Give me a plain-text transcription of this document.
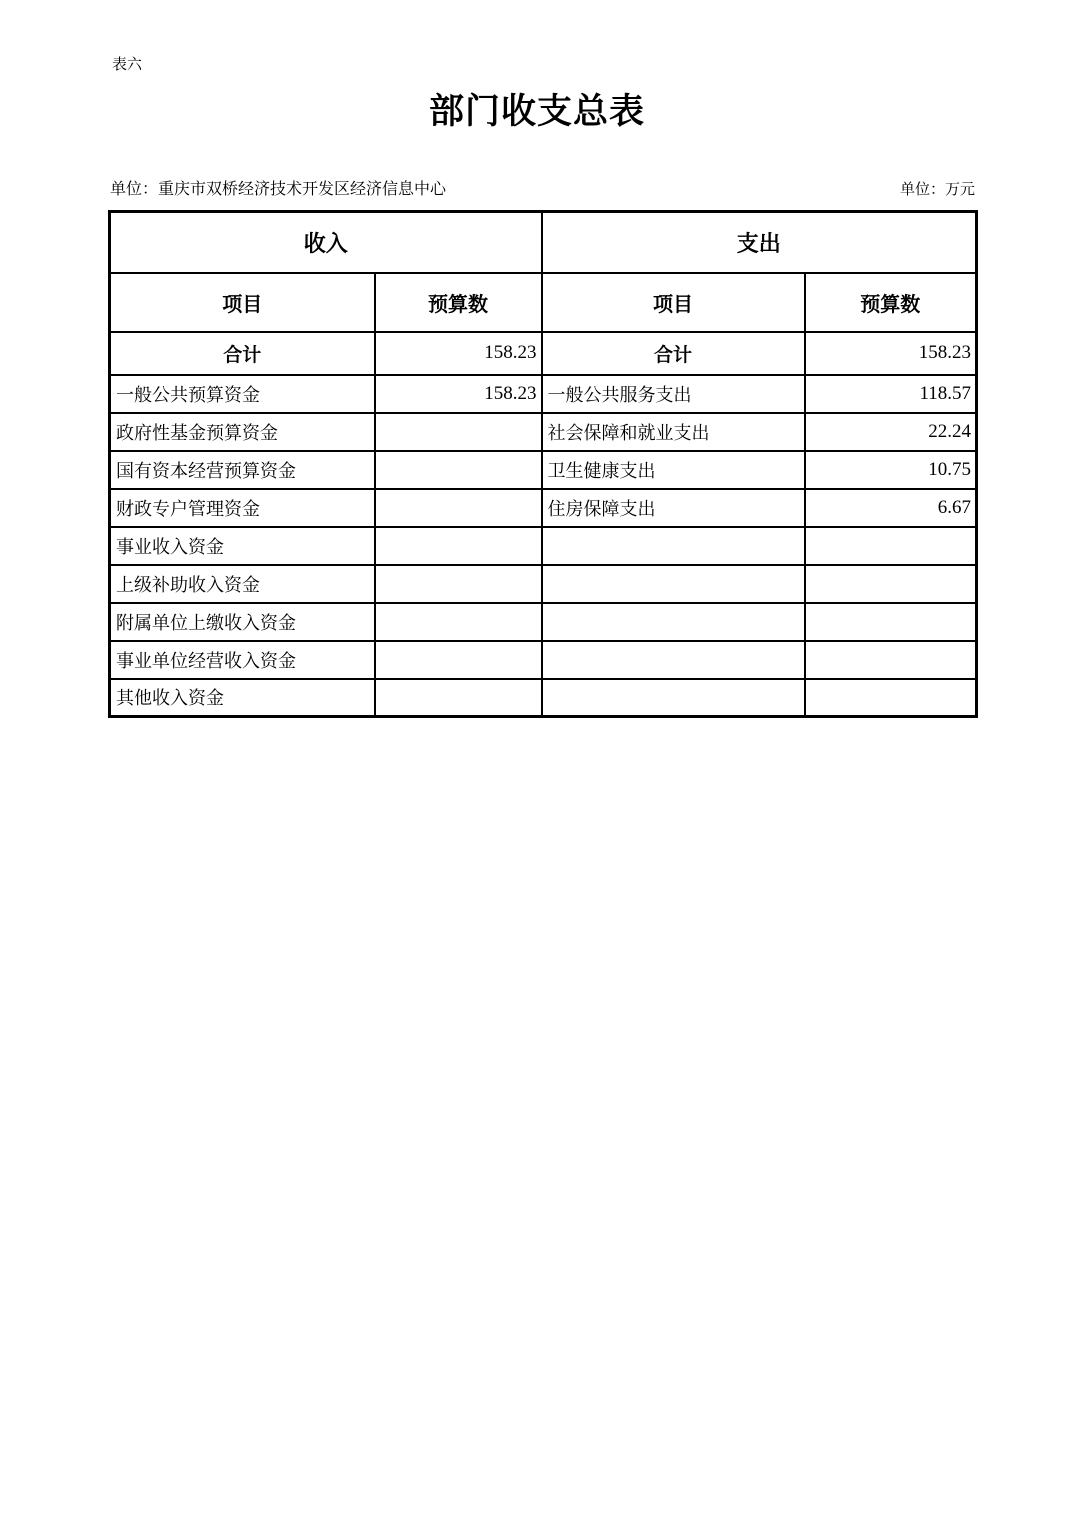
表六
部门收支总表
单位：重庆市双桥经济技术开发区经济信息中心	单位：万元
收入		支出	
项目	预算数	项目	预算数
合计	158.23	合计	158.23
一般公共预算资金	158.23	一般公共服务支出	118.57
政府性基金预算资金		社会保障和就业支出	22.24
国有资本经营预算资金		卫生健康支出	10.75
财政专户管理资金		住房保障支出	6.67
事业收入资金			
上级补助收入资金			
附属单位上缴收入资金			
事业单位经营收入资金			
其他收入资金			
